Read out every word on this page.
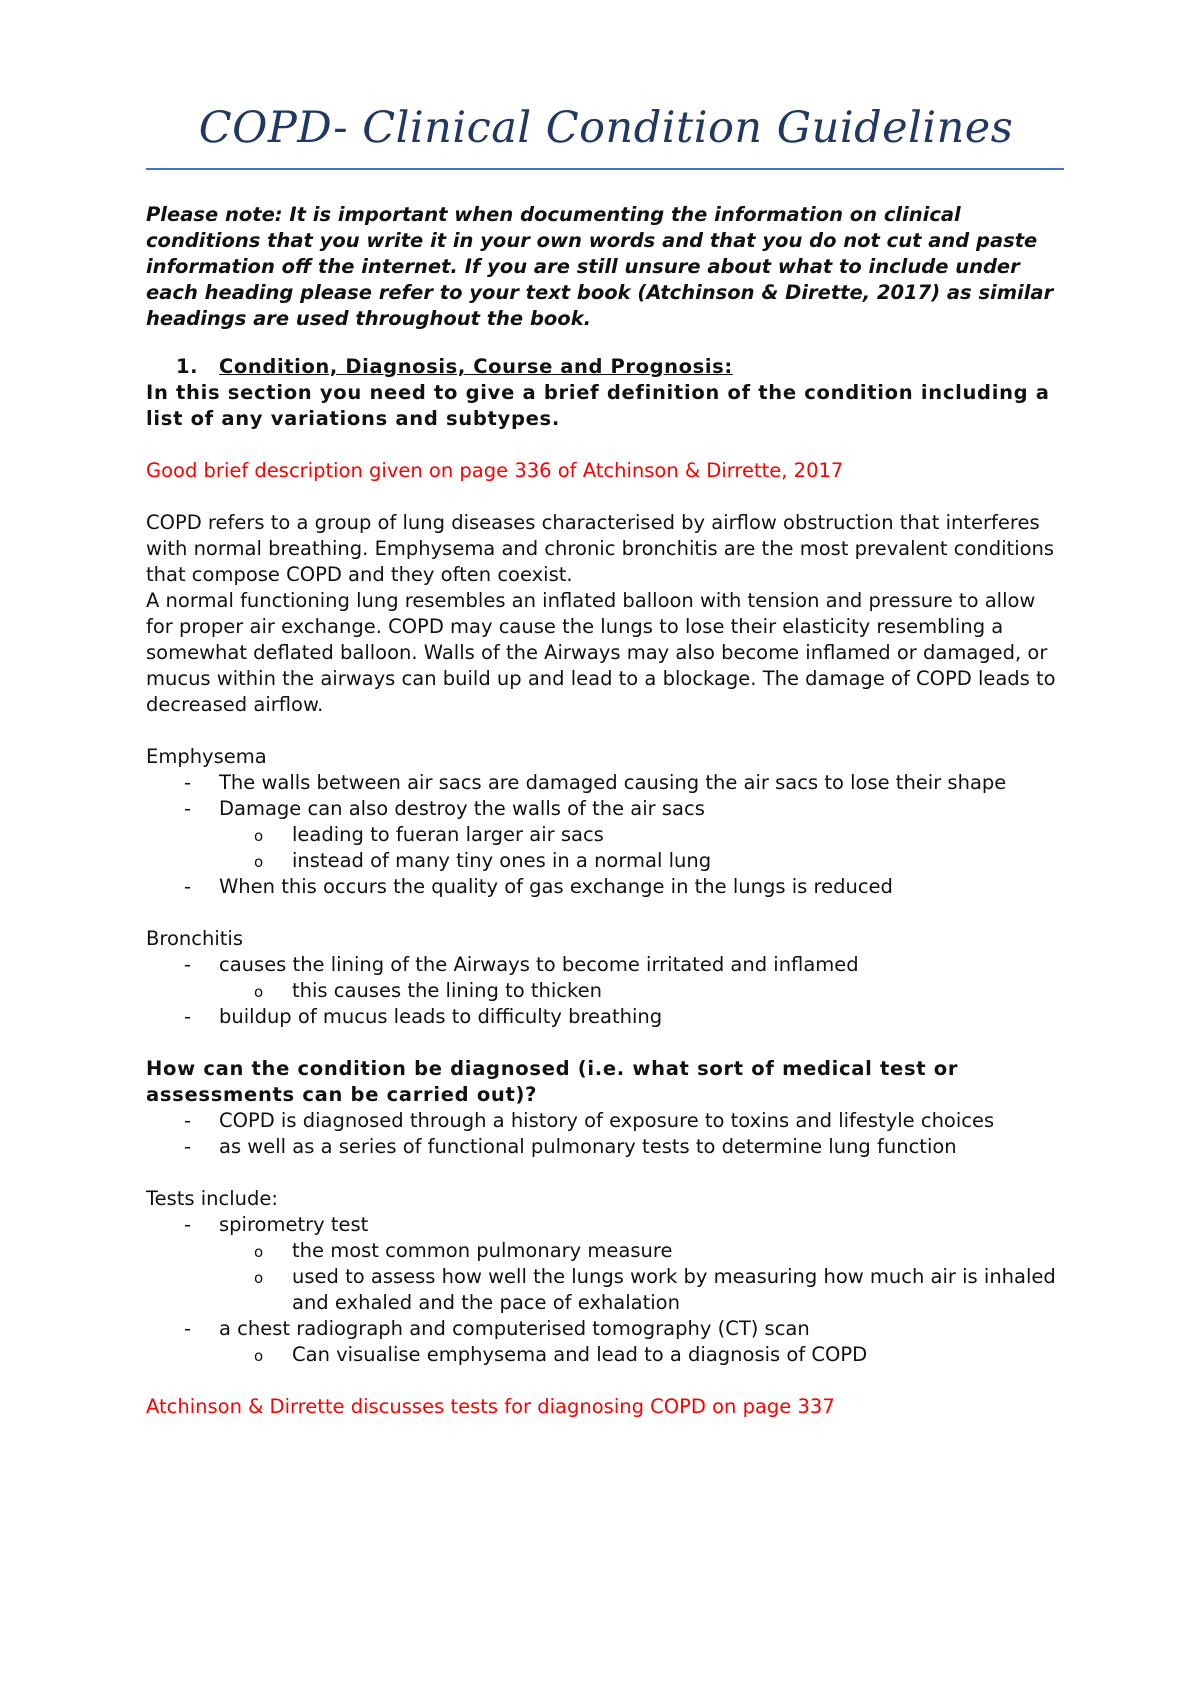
COPD- Clinical Condition Guidelines

Please note: It is important when documenting the information on clinical conditions that you write it in your own words and that you do not cut and paste information off the internet. If you are still unsure about what to include under each heading please refer to your text book (Atchinson & Dirette, 2017) as similar headings are used throughout the book.

1.	Condition, Diagnosis, Course and Prognosis:

In this section you need to give a brief definition of the condition including a list of any variations and subtypes.

Good brief description given on page 336 of Atchinson & Dirrette, 2017

COPD refers to a group of lung diseases characterised by airflow obstruction that interferes with normal breathing. Emphysema and chronic bronchitis are the most prevalent conditions that compose COPD and they often coexist.

A normal functioning lung resembles an inflated balloon with tension and pressure to allow for proper air exchange. COPD may cause the lungs to lose their elasticity resembling a somewhat deflated balloon. Walls of the Airways may also become inflamed or damaged, or mucus within the airways can build up and lead to a blockage. The damage of COPD leads to decreased airflow.

Emphysema

- The walls between air sacs are damaged causing the air sacs to lose their shape
- Damage can also destroy the walls of the air sacs
o leading to fueran larger air sacs
o instead of many tiny ones in a normal lung
- When this occurs the quality of gas exchange in the lungs is reduced

Bronchitis

- causes the lining of the Airways to become irritated and inflamed
o this causes the lining to thicken
- buildup of mucus leads to difficulty breathing

How can the condition be diagnosed (i.e. what sort of medical test or assessments can be carried out)?

- COPD is diagnosed through a history of exposure to toxins and lifestyle choices
- as well as a series of functional pulmonary tests to determine lung function

Tests include:

- spirometry test
o the most common pulmonary measure
o used to assess how well the lungs work by measuring how much air is inhaled and exhaled and the pace of exhalation
- a chest radiograph and computerised tomography (CT) scan
o Can visualise emphysema and lead to a diagnosis of COPD

Atchinson & Dirrette discusses tests for diagnosing COPD on page 337
